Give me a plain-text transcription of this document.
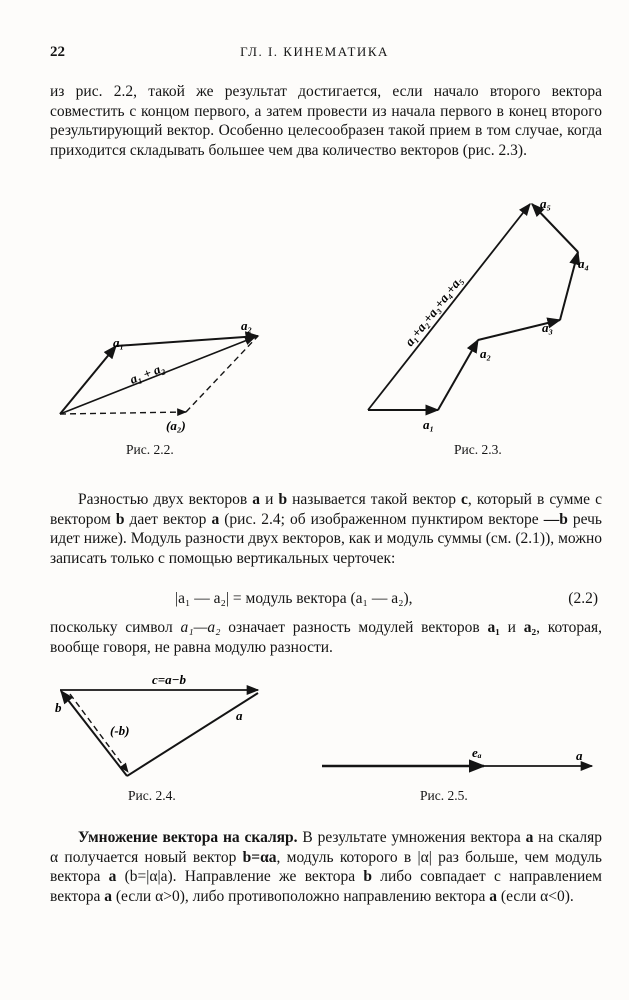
22	ГЛ. I. КИНЕМАТИКА
из рис. 2.2, такой же результат достигается, если начало второго вектора совместить с концом первого, а затем провести из начала первого в конец второго результирующий вектор. Особенно целесообразен такой прием в том случае, когда приходится складывать большее чем два количество векторов (рис. 2.3).
a₁
a₂
a₁ + a₂
(a₂)	a₁
a₂
a₃
a₄
a₅
a₁+a₂+a₃+a₄+a₅
c=a−b
a
b
(-b)
eₐ	a
Рис. 2.2.	Рис. 2.3.
Разностью двух векторов a и b называется такой вектор c, который в сумме с вектором b дает вектор a (рис. 2.4; об изображенном пунктиром векторе —b речь идет ниже). Модуль разности двух векторов, как и модуль суммы (см. (2.1)), можно записать только с помощью вертикальных черточек:
|a₁ — a₂| = модуль вектора (a₁ — a₂),	(2.2)
поскольку символ a₁—a₂ означает разность модулей векторов a₁ и a₂, которая, вообще говоря, не равна модулю разности.
Рис. 2.4.	Рис. 2.5.
Умножение вектора на скаляр. В результате умножения вектора a на скаляр α получается новый вектор b=αa, модуль которого в |α| раз больше, чем модуль вектора a (b=|α|a). Направление же вектора b либо совпадает с направлением вектора a (если α>0), либо противоположно направлению вектора a (если α<0).
